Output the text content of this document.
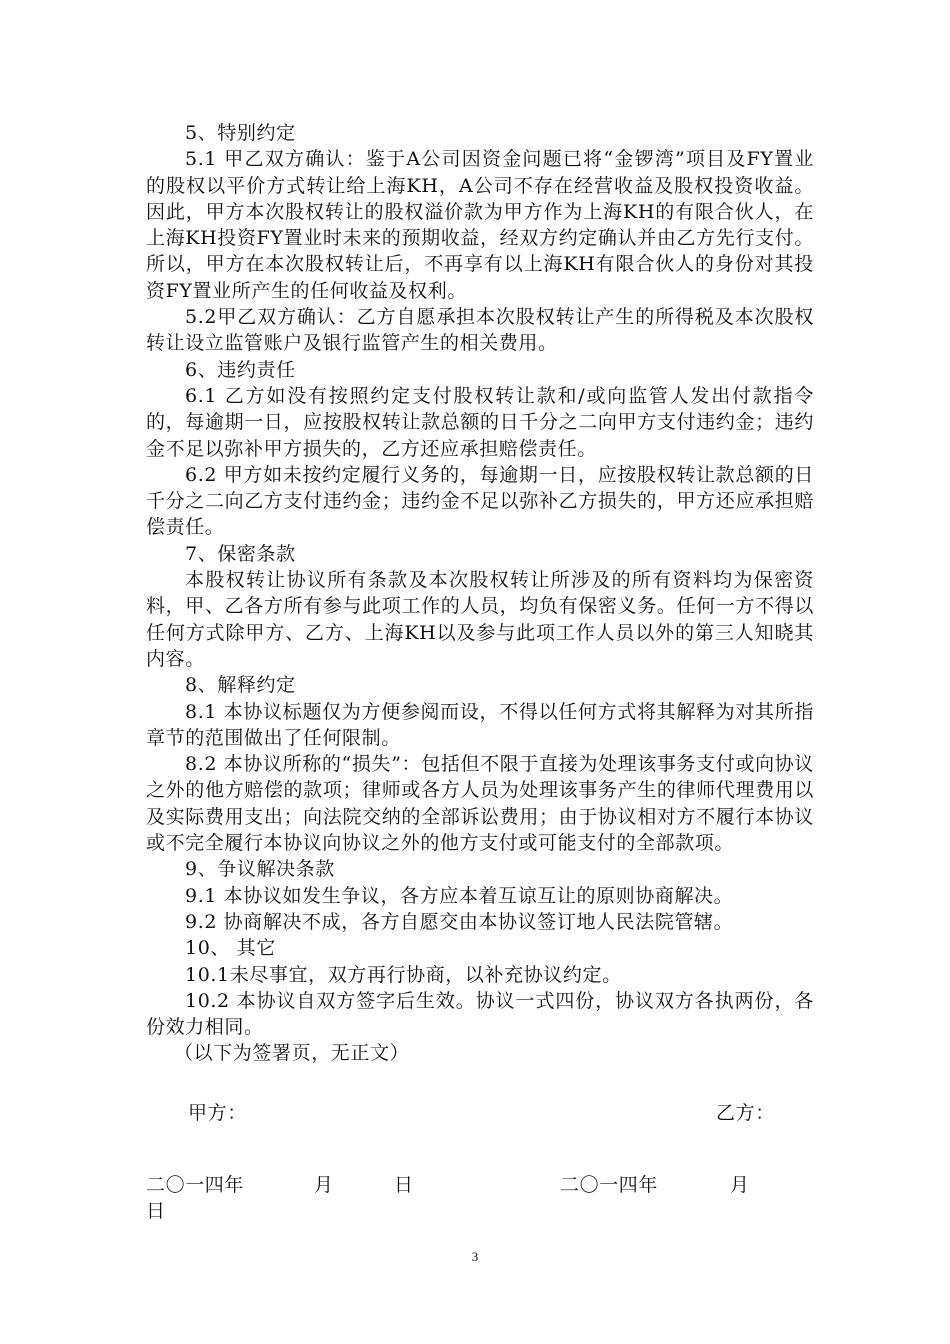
5、特别约定

5.1 甲乙双方确认：鉴于A公司因资金问题已将“金锣湾”项目及FY置业的股权以平价方式转让给上海KH，A公司不存在经营收益及股权投资收益。因此，甲方本次股权转让的股权溢价款为甲方作为上海KH的有限合伙人，在上海KH投资FY置业时未来的预期收益，经双方约定确认并由乙方先行支付。所以，甲方在本次股权转让后，不再享有以上海KH有限合伙人的身份对其投资FY置业所产生的任何收益及权利。

5.2甲乙双方确认：乙方自愿承担本次股权转让产生的所得税及本次股权转让设立监管账户及银行监管产生的相关费用。

6、违约责任

6.1 乙方如没有按照约定支付股权转让款和/或向监管人发出付款指令的，每逾期一日，应按股权转让款总额的日千分之二向甲方支付违约金；违约金不足以弥补甲方损失的，乙方还应承担赔偿责任。

6.2 甲方如未按约定履行义务的，每逾期一日，应按股权转让款总额的日千分之二向乙方支付违约金；违约金不足以弥补乙方损失的，甲方还应承担赔偿责任。

7、保密条款

本股权转让协议所有条款及本次股权转让所涉及的所有资料均为保密资料，甲、乙各方所有参与此项工作的人员，均负有保密义务。任何一方不得以任何方式除甲方、乙方、上海KH以及参与此项工作人员以外的第三人知晓其内容。

8、解释约定

8.1 本协议标题仅为方便参阅而设，不得以任何方式将其解释为对其所指章节的范围做出了任何限制。

8.2 本协议所称的“损失”：包括但不限于直接为处理该事务支付或向协议之外的他方赔偿的款项；律师或各方人员为处理该事务产生的律师代理费用以及实际费用支出；向法院交纳的全部诉讼费用；由于协议相对方不履行本协议或不完全履行本协议向协议之外的他方支付或可能支付的全部款项。

9、争议解决条款

9.1 本协议如发生争议，各方应本着互谅互让的原则协商解决。

9.2 协商解决不成，各方自愿交由本协议签订地人民法院管辖。

10、 其它

10.1未尽事宜，双方再行协商，以补充协议约定。

10.2 本协议自双方签字后生效。协议一式四份，协议双方各执两份，各份效力相同。

（以下为签署页，无正文）

甲方：	乙方：
二〇一四年	月	日	二〇一四年	月
日
3
